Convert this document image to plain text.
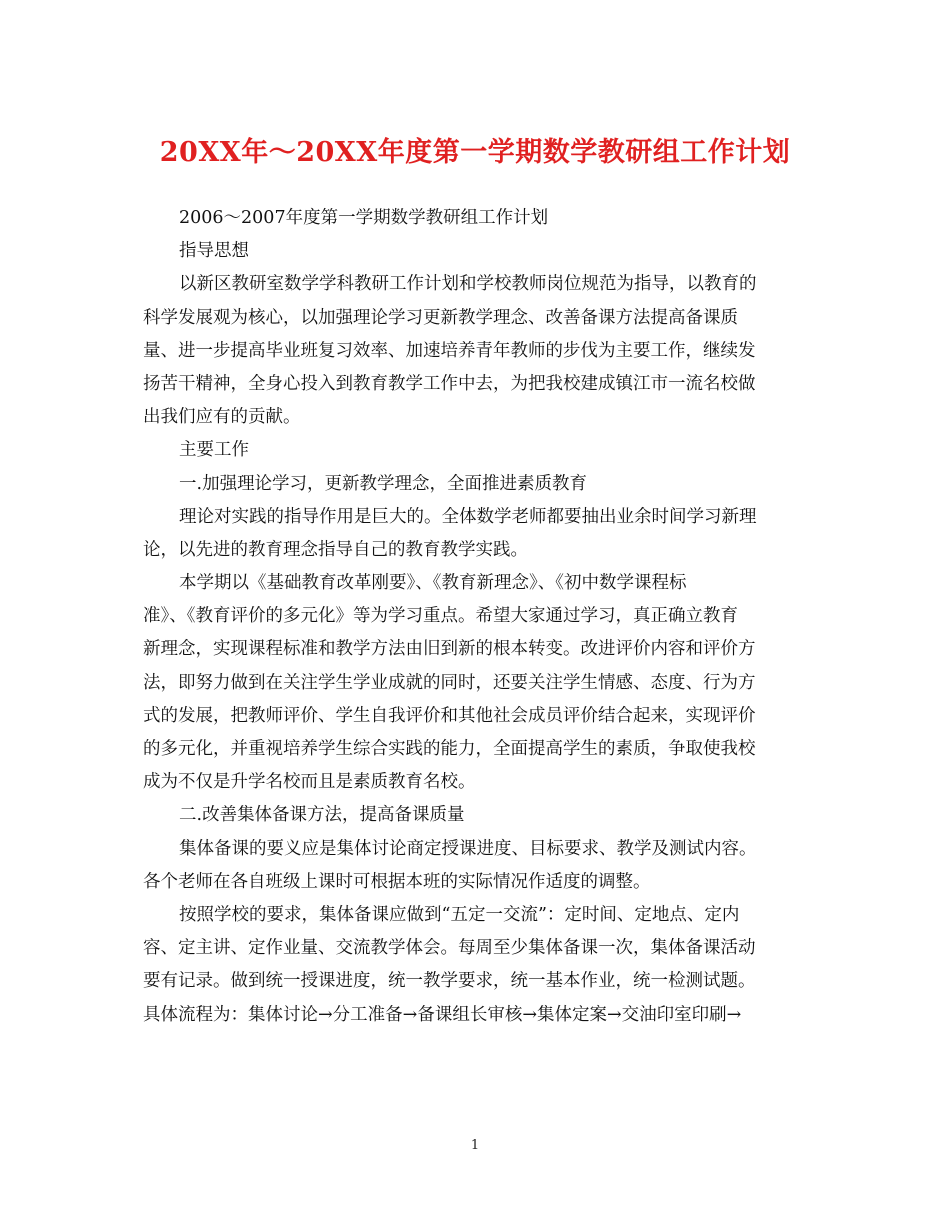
20XX年～20XX年度第一学期数学教研组工作计划
2006～2007年度第一学期数学教研组工作计划
指导思想
以新区教研室数学学科教研工作计划和学校教师岗位规范为指导，以教育的
科学发展观为核心，以加强理论学习更新教学理念、改善备课方法提高备课质
量、进一步提高毕业班复习效率、加速培养青年教师的步伐为主要工作，继续发
扬苦干精神，全身心投入到教育教学工作中去，为把我校建成镇江市一流名校做
出我们应有的贡献。
主要工作
一.加强理论学习，更新教学理念，全面推进素质教育
理论对实践的指导作用是巨大的。全体数学老师都要抽出业余时间学习新理
论，以先进的教育理念指导自己的教育教学实践。
本学期以《基础教育改革刚要》、《教育新理念》、《初中数学课程标
准》、《教育评价的多元化》等为学习重点。希望大家通过学习，真正确立教育
新理念，实现课程标准和教学方法由旧到新的根本转变。改进评价内容和评价方
法，即努力做到在关注学生学业成就的同时，还要关注学生情感、态度、行为方
式的发展，把教师评价、学生自我评价和其他社会成员评价结合起来，实现评价
的多元化，并重视培养学生综合实践的能力，全面提高学生的素质，争取使我校
成为不仅是升学名校而且是素质教育名校。
二.改善集体备课方法，提高备课质量
集体备课的要义应是集体讨论商定授课进度、目标要求、教学及测试内容。
各个老师在各自班级上课时可根据本班的实际情况作适度的调整。
按照学校的要求，集体备课应做到“五定一交流”：定时间、定地点、定内
容、定主讲、定作业量、交流教学体会。每周至少集体备课一次，集体备课活动
要有记录。做到统一授课进度，统一教学要求，统一基本作业，统一检测试题。
具体流程为：集体讨论→分工准备→备课组长审核→集体定案→交油印室印刷→
1
